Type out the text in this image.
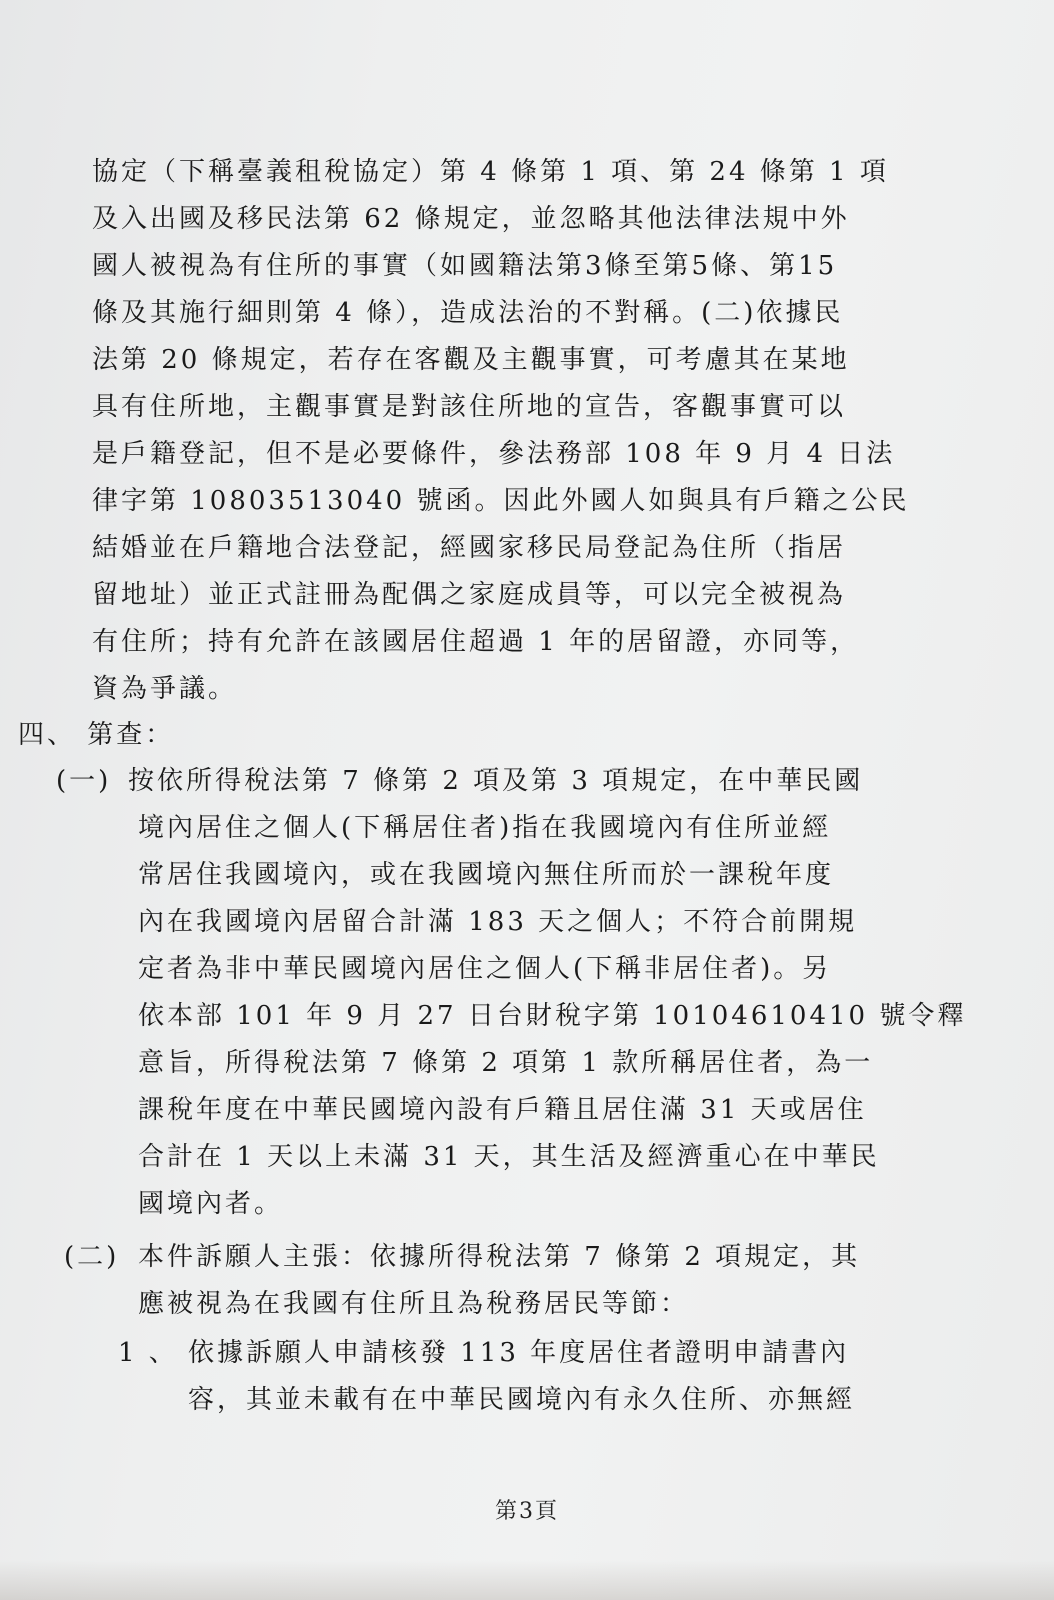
協定（下稱臺義租稅協定）第 4 條第 1 項、第 24 條第 1 項
及入出國及移民法第 62 條規定，並忽略其他法律法規中外
國人被視為有住所的事實（如國籍法第3條至第5條、第15
條及其施行細則第 4 條），造成法治的不對稱。(二)依據民
法第 20 條規定，若存在客觀及主觀事實，可考慮其在某地
具有住所地，主觀事實是對該住所地的宣告，客觀事實可以
是戶籍登記，但不是必要條件，參法務部 108 年 9 月 4 日法
律字第 10803513040 號函。因此外國人如與具有戶籍之公民
結婚並在戶籍地合法登記，經國家移民局登記為住所（指居
留地址）並正式註冊為配偶之家庭成員等，可以完全被視為
有住所；持有允許在該國居住超過 1 年的居留證，亦同等，
資為爭議。
四、 第查：
(一) 按依所得稅法第 7 條第 2 項及第 3 項規定，在中華民國
境內居住之個人(下稱居住者)指在我國境內有住所並經
常居住我國境內，或在我國境內無住所而於一課稅年度
內在我國境內居留合計滿 183 天之個人；不符合前開規
定者為非中華民國境內居住之個人(下稱非居住者)。另
依本部 101 年 9 月 27 日台財稅字第 10104610410 號令釋
意旨，所得稅法第 7 條第 2 項第 1 款所稱居住者，為一
課稅年度在中華民國境內設有戶籍且居住滿 31 天或居住
合計在 1 天以上未滿 31 天，其生活及經濟重心在中華民
國境內者。
(二) 本件訴願人主張：依據所得稅法第 7 條第 2 項規定，其
應被視為在我國有住所且為稅務居民等節：
1 、 依據訴願人申請核發 113 年度居住者證明申請書內
容，其並未載有在中華民國境內有永久住所、亦無經
第3頁
